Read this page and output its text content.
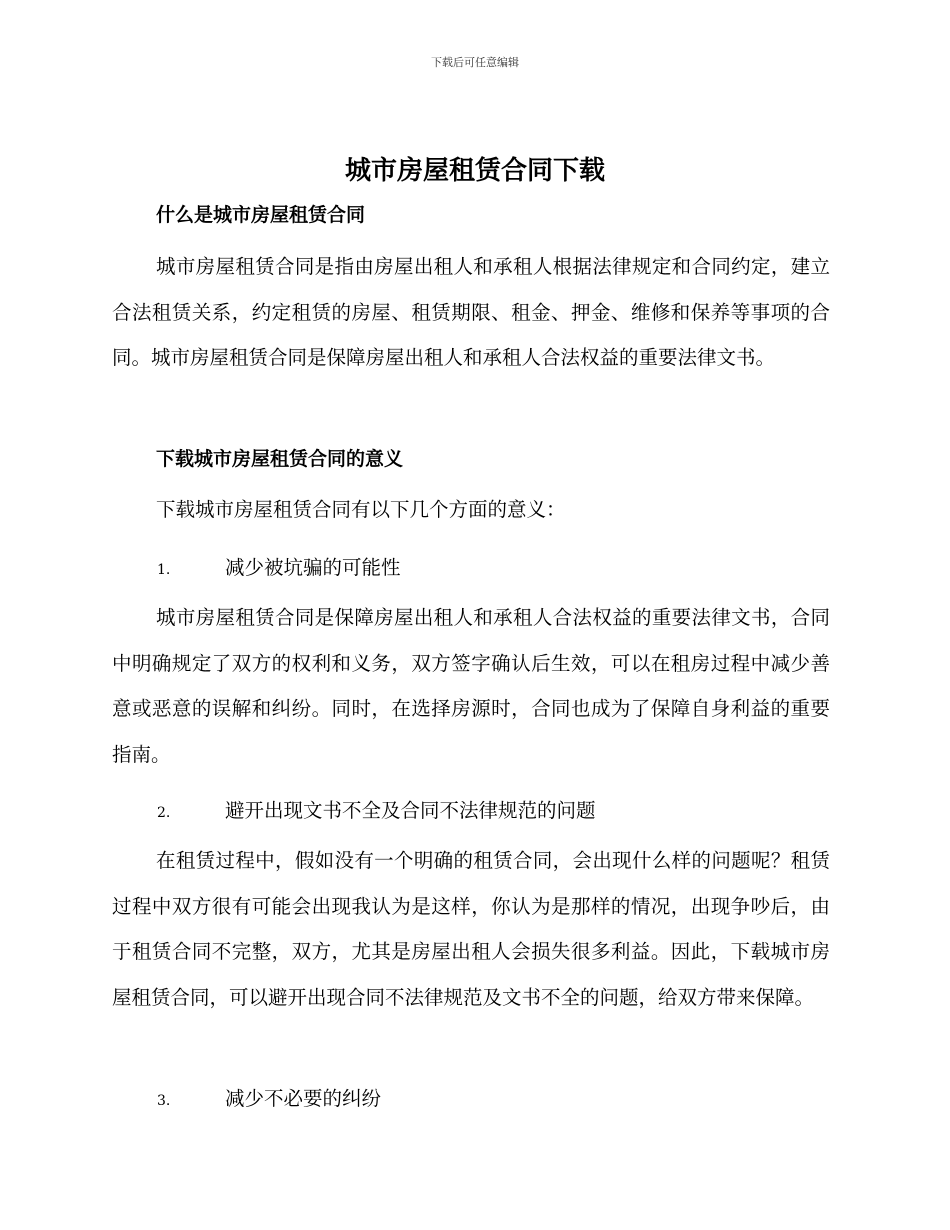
下载后可任意编辑
城市房屋租赁合同下载
什么是城市房屋租赁合同

城市房屋租赁合同是指由房屋出租人和承租人根据法律规定和合同约定，建立合法租赁关系，约定租赁的房屋、租赁期限、租金、押金、维修和保养等事项的合同。城市房屋租赁合同是保障房屋出租人和承租人合法权益的重要法律文书。

下载城市房屋租赁合同的意义

下载城市房屋租赁合同有以下几个方面的意义：

1.	减少被坑骗的可能性

城市房屋租赁合同是保障房屋出租人和承租人合法权益的重要法律文书，合同中明确规定了双方的权利和义务，双方签字确认后生效，可以在租房过程中减少善意或恶意的误解和纠纷。同时，在选择房源时，合同也成为了保障自身利益的重要指南。

2.	避开出现文书不全及合同不法律规范的问题

在租赁过程中，假如没有一个明确的租赁合同，会出现什么样的问题呢？租赁过程中双方很有可能会出现我认为是这样，你认为是那样的情况，出现争吵后，由于租赁合同不完整，双方，尤其是房屋出租人会损失很多利益。因此，下载城市房屋租赁合同，可以避开出现合同不法律规范及文书不全的问题，给双方带来保障。

3.	减少不必要的纠纷
